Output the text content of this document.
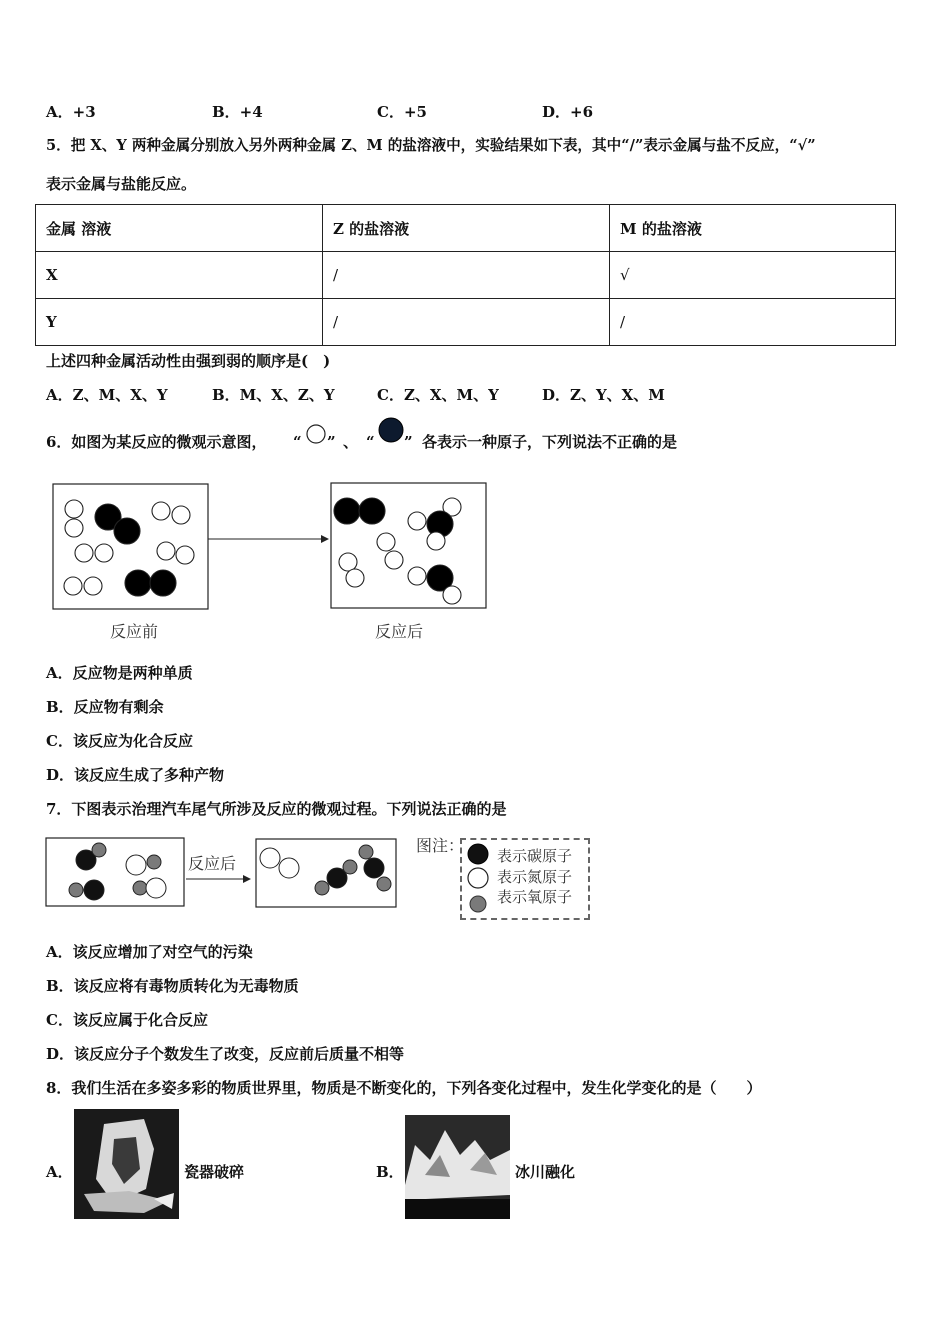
A．+3	B．+4	C．+5	D．+6
5．把 X、Y 两种金属分别放入另外两种金属 Z、M 的盐溶液中，实验结果如下表，其中“/”表示金属与盐不反应，“√”
表示金属与盐能反应。
金属 溶液	Z 的盐溶液	M 的盐溶液
X	/	√
Y	/	/
上述四种金属活动性由强到弱的顺序是(　)
A．Z、M、X、Y	B．M、X、Z、Y	C．Z、X、M、Y	D．Z、Y、X、M
6．如图为某反应的微观示意图， “ ” 、 “ ” 各表示一种原子，下列说法不正确的是
反应前	反应后
A．反应物是两种单质
B．反应物有剩余
C．该反应为化合反应
D．该反应生成了多种产物
7．下图表示治理汽车尾气所涉及反应的微观过程。下列说法正确的是
反应后
图注：
表示碳原子
表示氮原子
表示氧原子
A．该反应增加了对空气的污染
B．该反应将有毒物质转化为无毒物质
C．该反应属于化合反应
D．该反应分子个数发生了改变，反应前后质量不相等
8．我们生活在多姿多彩的物质世界里，物质是不断变化的，下列各变化过程中，发生化学变化的是（　　）
A．	瓷器破碎	B．	冰川融化
